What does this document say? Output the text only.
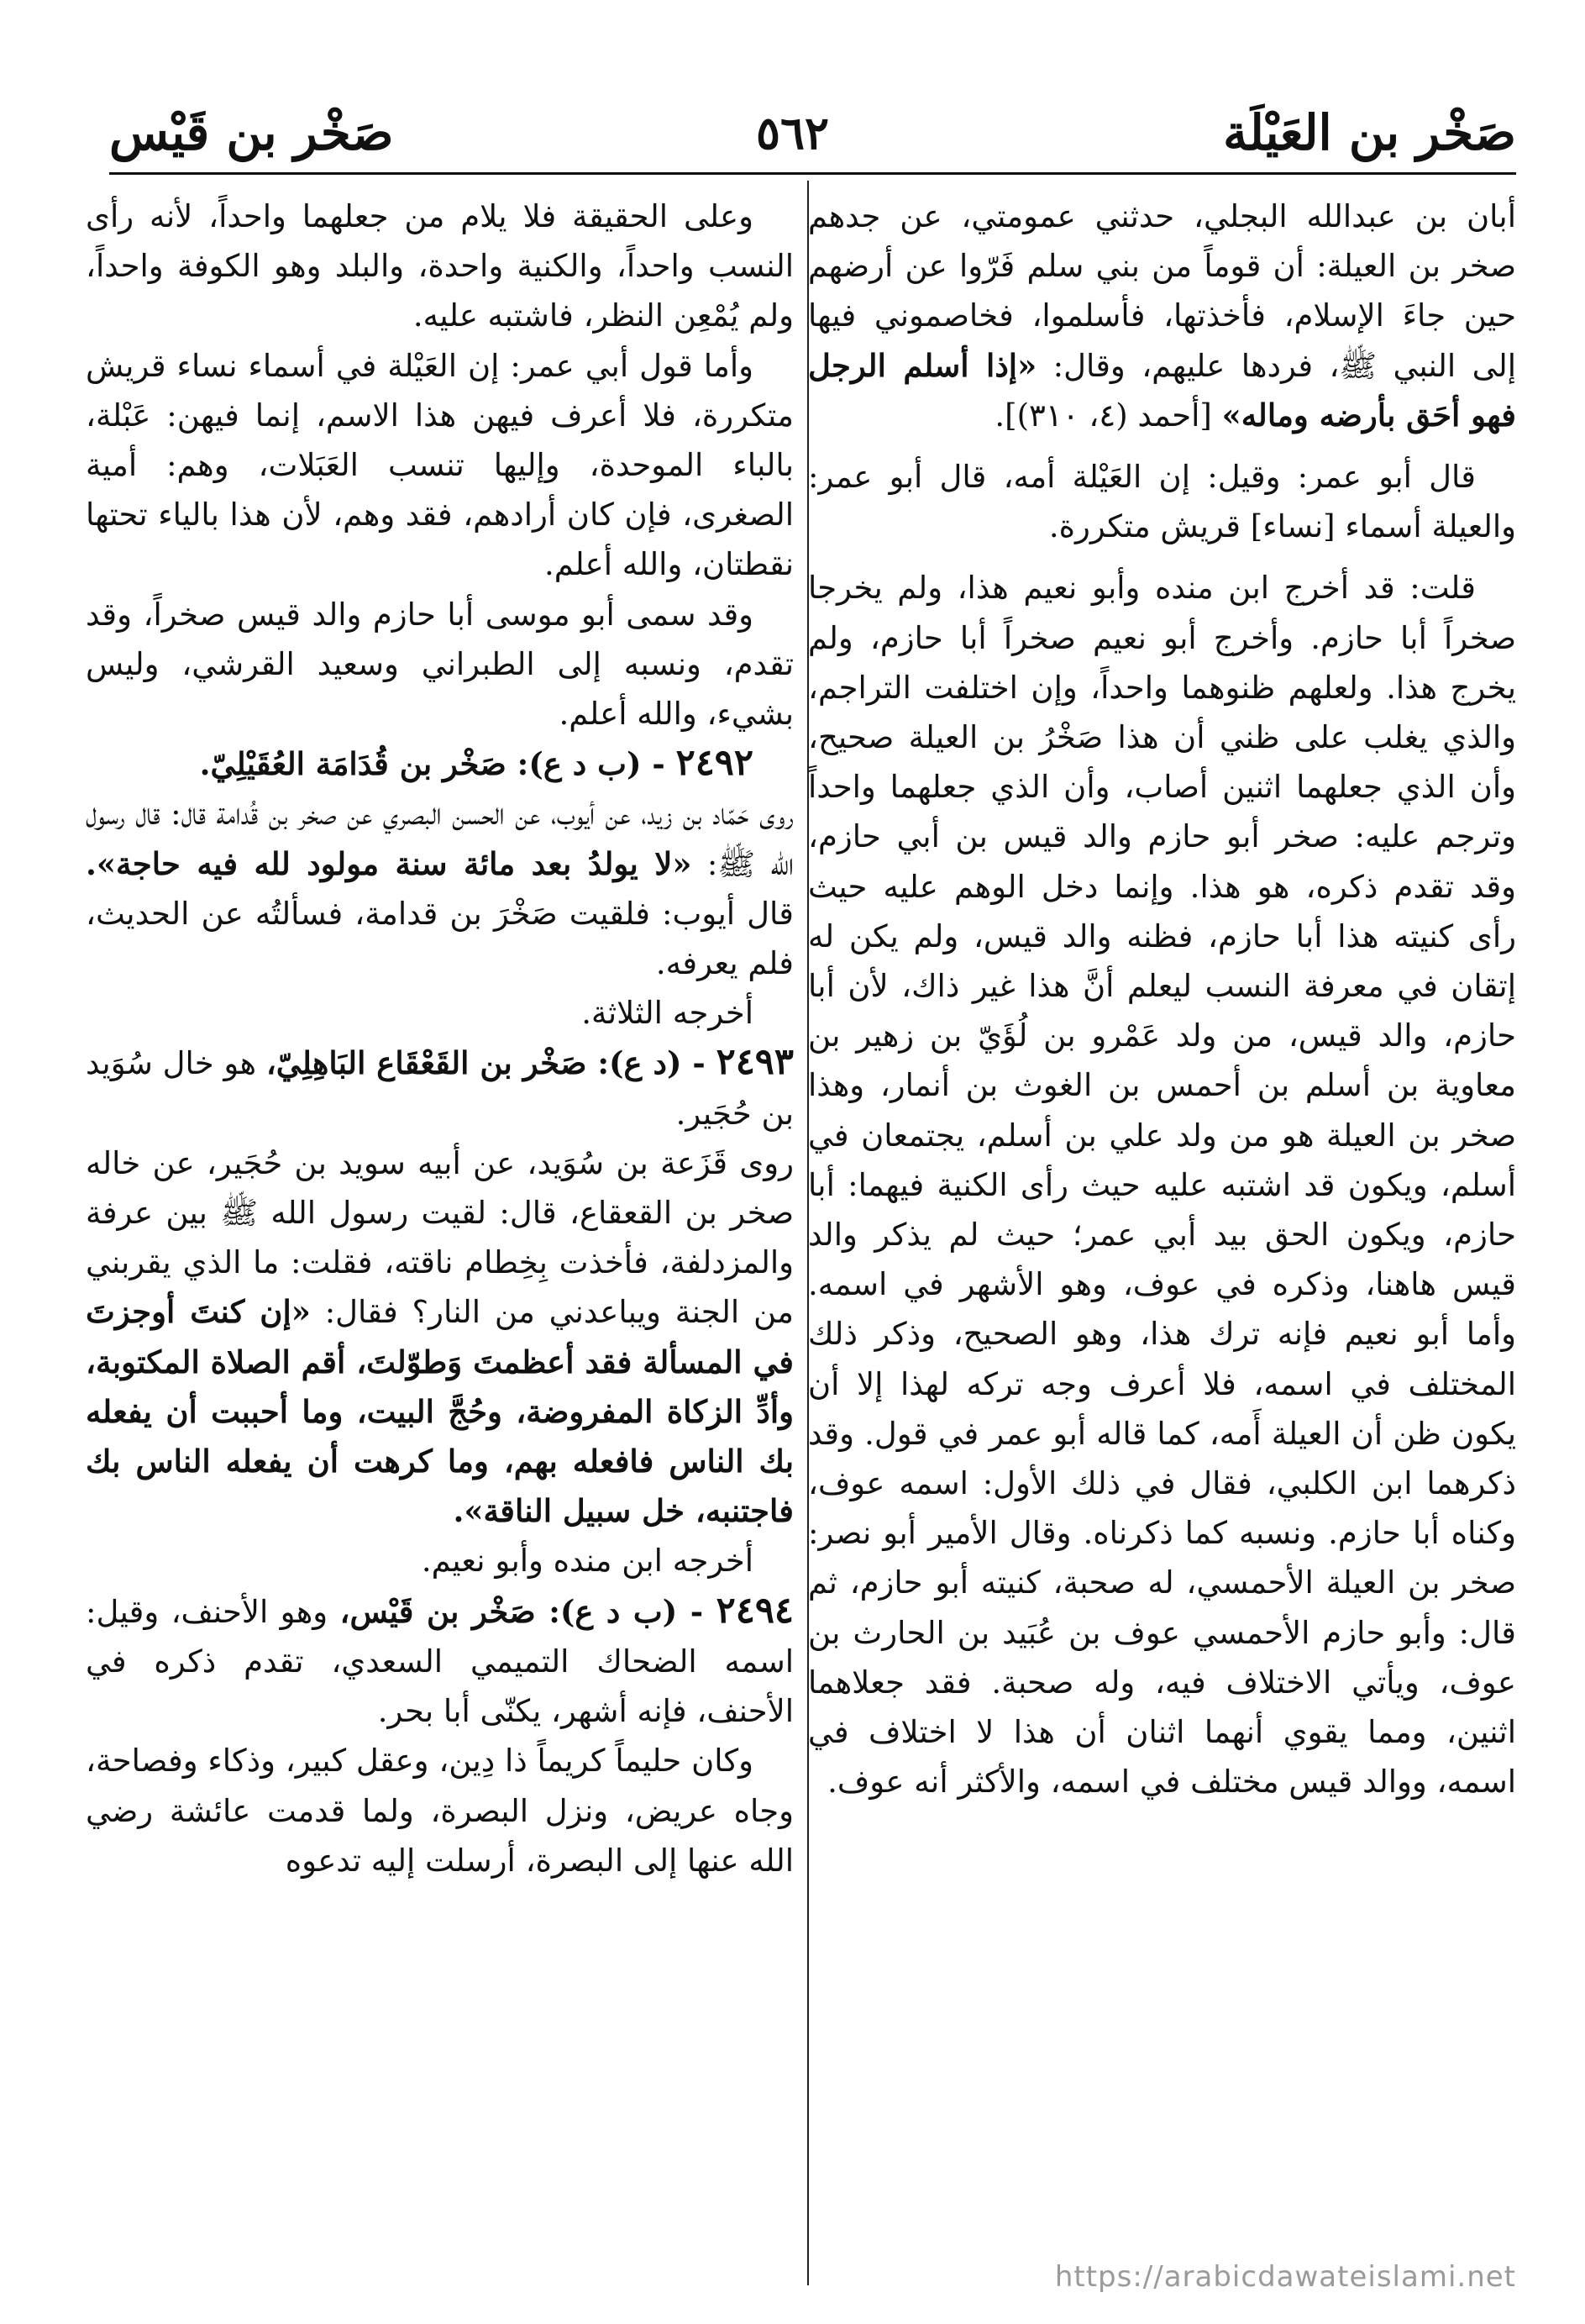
صَخْر بن العَيْلَة
٥٦٢
صَخْر بن قَيْس

أبان بن عبدالله البجلي، حدثني عمومتي، عن جدهم صخر بن العيلة: أن قوماً من بني سلم فَرّوا عن أرضهم حين جاءَ الإسلام، فأخذتها، فأسلموا، فخاصموني فيها إلى النبي ﷺ، فردها عليهم، وقال: «إذا أسلم الرجل فهو أحَق بأرضه وماله» [أحمد (٤، ٣١٠)].

قال أبو عمر: وقيل: إن العَيْلة أمه، قال أبو عمر: والعيلة أسماء [نساء] قريش متكررة.

قلت: قد أخرج ابن منده وأبو نعيم هذا، ولم يخرجا صخراً أبا حازم. وأخرج أبو نعيم صخراً أبا حازم، ولم يخرج هذا. ولعلهم ظنوهما واحداً، وإن اختلفت التراجم، والذي يغلب على ظني أن هذا صَخْرُ بن العيلة صحيح، وأن الذي جعلهما اثنين أصاب، وأن الذي جعلهما واحداً وترجم عليه: صخر أبو حازم والد قيس بن أبي حازم، وقد تقدم ذكره، هو هذا. وإنما دخل الوهم عليه حيث رأى كنيته هذا أبا حازم، فظنه والد قيس، ولم يكن له إتقان في معرفة النسب ليعلم أنَّ هذا غير ذاك، لأن أبا حازم، والد قيس، من ولد عَمْرو بن لُؤَيّ بن زهير بن معاوية بن أسلم بن أحمس بن الغوث بن أنمار، وهذا صخر بن العيلة هو من ولد علي بن أسلم، يجتمعان في أسلم، ويكون قد اشتبه عليه حيث رأى الكنية فيهما: أبا حازم، ويكون الحق بيد أبي عمر؛ حيث لم يذكر والد قيس هاهنا، وذكره في عوف، وهو الأشهر في اسمه. وأما أبو نعيم فإنه ترك هذا، وهو الصحيح، وذكر ذلك المختلف في اسمه، فلا أعرف وجه تركه لهذا إلا أن يكون ظن أن العيلة أَمه، كما قاله أبو عمر في قول. وقد ذكرهما ابن الكلبي، فقال في ذلك الأول: اسمه عوف، وكناه أبا حازم. ونسبه كما ذكرناه. وقال الأمير أبو نصر: صخر بن العيلة الأحمسي، له صحبة، كنيته أبو حازم، ثم قال: وأبو حازم الأحمسي عوف بن عُبَيد بن الحارث بن عوف، ويأتي الاختلاف فيه، وله صحبة. فقد جعلاهما اثنين، ومما يقوي أنهما اثنان أن هذا لا اختلاف في اسمه، ووالد قيس مختلف في اسمه، والأكثر أنه عوف.

وعلى الحقيقة فلا يلام من جعلهما واحداً، لأنه رأى النسب واحداً، والكنية واحدة، والبلد وهو الكوفة واحداً، ولم يُمْعِن النظر، فاشتبه عليه.

وأما قول أبي عمر: إن العَيْلة في أسماء نساء قريش متكررة، فلا أعرف فيهن هذا الاسم، إنما فيهن: عَبْلة، بالباء الموحدة، وإليها تنسب العَبَلات، وهم: أمية الصغرى، فإن كان أرادهم، فقد وهم، لأن هذا بالياء تحتها نقطتان، والله أعلم.

وقد سمى أبو موسى أبا حازم والد قيس صخراً، وقد تقدم، ونسبه إلى الطبراني وسعيد القرشي، وليس بشيء، والله أعلم.

٢٤٩٢ - (ب د ع): صَخْر بن قُدَامَة العُقَيْلِيّ.

روى حَمّاد بن زيد، عن أيوب، عن الحسن البصري عن صخر بن قُدامة قال: قال رسول الله ﷺ: «لا يولدُ بعد مائة سنة مولود لله فيه حاجة». قال أيوب: فلقيت صَخْرَ بن قدامة، فسألتُه عن الحديث، فلم يعرفه.

أخرجه الثلاثة.

٢٤٩٣ - (د ع): صَخْر بن القَعْقَاع البَاهِلِيّ، هو خال سُوَيد بن حُجَير.

روى قَزَعة بن سُوَيد، عن أبيه سويد بن حُجَير، عن خاله صخر بن القعقاع، قال: لقيت رسول الله ﷺ بين عرفة والمزدلفة، فأخذت بِخِطام ناقته، فقلت: ما الذي يقربني من الجنة ويباعدني من النار؟ فقال: «إن كنتَ أوجزتَ في المسألة فقد أعظمتَ وَطوّلتَ، أقم الصلاة المكتوبة، وأدِّ الزكاة المفروضة، وحُجَّ البيت، وما أحببت أن يفعله بك الناس فافعله بهم، وما كرهت أن يفعله الناس بك فاجتنبه، خل سبيل الناقة».

أخرجه ابن منده وأبو نعيم.

٢٤٩٤ - (ب د ع): صَخْر بن قَيْس، وهو الأحنف، وقيل: اسمه الضحاك التميمي السعدي، تقدم ذكره في الأحنف، فإنه أشهر، يكنّى أبا بحر.

وكان حليماً كريماً ذا دِين، وعقل كبير، وذكاء وفصاحة، وجاه عريض، ونزل البصرة، ولما قدمت عائشة رضي الله عنها إلى البصرة، أرسلت إليه تدعوه

https://arabicdawateislami.net
